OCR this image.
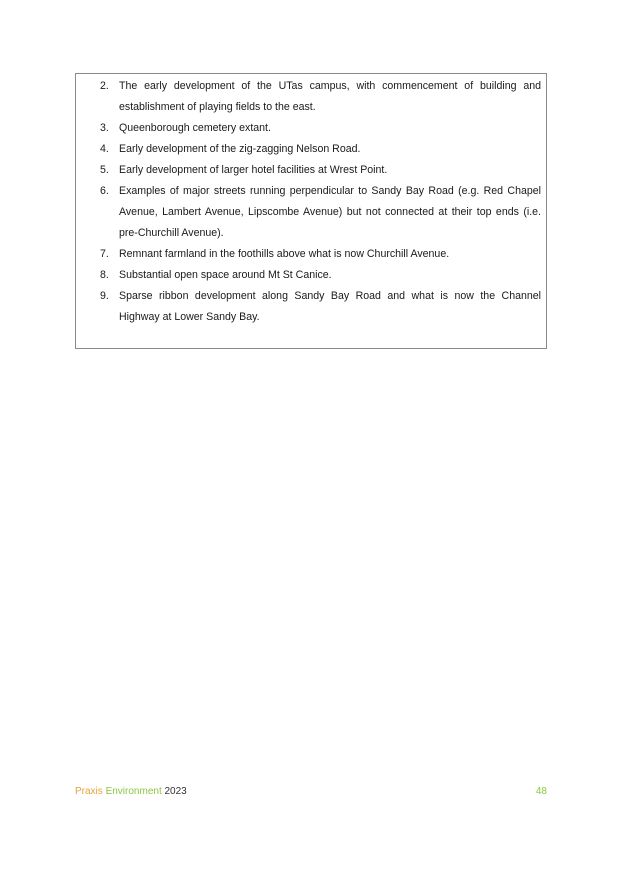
2. The early development of the UTas campus, with commencement of building and establishment of playing fields to the east.
3. Queenborough cemetery extant.
4. Early development of the zig-zagging Nelson Road.
5. Early development of larger hotel facilities at Wrest Point.
6. Examples of major streets running perpendicular to Sandy Bay Road (e.g. Red Chapel Avenue, Lambert Avenue, Lipscombe Avenue) but not connected at their top ends (i.e. pre-Churchill Avenue).
7. Remnant farmland in the foothills above what is now Churchill Avenue.
8. Substantial open space around Mt St Canice.
9. Sparse ribbon development along Sandy Bay Road and what is now the Channel Highway at Lower Sandy Bay.
Praxis Environment 2023	48
